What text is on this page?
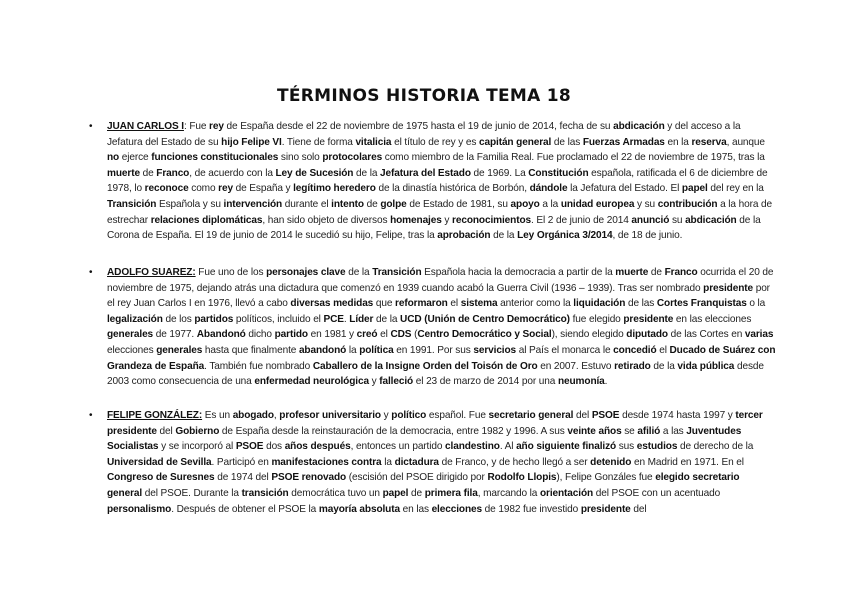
TÉRMINOS HISTORIA TEMA 18
• JUAN CARLOS I: Fue rey de España desde el 22 de noviembre de 1975 hasta el 19 de junio de 2014, fecha de su abdicación y del acceso a la Jefatura del Estado de su hijo Felipe VI. Tiene de forma vitalicia el título de rey y es capitán general de las Fuerzas Armadas en la reserva, aunque no ejerce funciones constitucionales sino solo protocolares como miembro de la Familia Real. Fue proclamado el 22 de noviembre de 1975, tras la muerte de Franco, de acuerdo con la Ley de Sucesión de la Jefatura del Estado de 1969. La Constitución española, ratificada el 6 de diciembre de 1978, lo reconoce como rey de España y legítimo heredero de la dinastía histórica de Borbón, dándole la Jefatura del Estado. El papel del rey en la Transición Española y su intervención durante el intento de golpe de Estado de 1981, su apoyo a la unidad europea y su contribución a la hora de estrechar relaciones diplomáticas, han sido objeto de diversos homenajes y reconocimientos. El 2 de junio de 2014 anunció su abdicación de la Corona de España. El 19 de junio de 2014 le sucedió su hijo, Felipe, tras la aprobación de la Ley Orgánica 3/2014, de 18 de junio.
• ADOLFO SUAREZ: Fue uno de los personajes clave de la Transición Española hacia la democracia a partir de la muerte de Franco ocurrida el 20 de noviembre de 1975, dejando atrás una dictadura que comenzó en 1939 cuando acabó la Guerra Civil (1936 – 1939). Tras ser nombrado presidente por el rey Juan Carlos I en 1976, llevó a cabo diversas medidas que reformaron el sistema anterior como la liquidación de las Cortes Franquistas o la legalización de los partidos políticos, incluido el PCE. Líder de la UCD (Unión de Centro Democrático) fue elegido presidente en las elecciones generales de 1977. Abandonó dicho partido en 1981 y creó el CDS (Centro Democrático y Social), siendo elegido diputado de las Cortes en varias elecciones generales hasta que finalmente abandonó la política en 1991. Por sus servicios al País el monarca le concedió el Ducado de Suárez con Grandeza de España. También fue nombrado Caballero de la Insigne Orden del Toisón de Oro en 2007. Estuvo retirado de la vida pública desde 2003 como consecuencia de una enfermedad neurológica y falleció el 23 de marzo de 2014 por una neumonía.
• FELIPE GONZÁLEZ: Es un abogado, profesor universitario y político español. Fue secretario general del PSOE desde 1974 hasta 1997 y tercer presidente del Gobierno de España desde la reinstauración de la democracia, entre 1982 y 1996. A sus veinte años se afilió a las Juventudes Socialistas y se incorporó al PSOE dos años después, entonces un partido clandestino. Al año siguiente finalizó sus estudios de derecho de la Universidad de Sevilla. Participó en manifestaciones contra la dictadura de Franco, y de hecho llegó a ser detenido en Madrid en 1971. En el Congreso de Suresnes de 1974 del PSOE renovado (escisión del PSOE dirigido por Rodolfo Llopis), Felipe Gonzáles fue elegido secretario general del PSOE. Durante la transición democrática tuvo un papel de primera fila, marcando la orientación del PSOE con un acentuado personalismo. Después de obtener el PSOE la mayoría absoluta en las elecciones de 1982 fue investido presidente del
